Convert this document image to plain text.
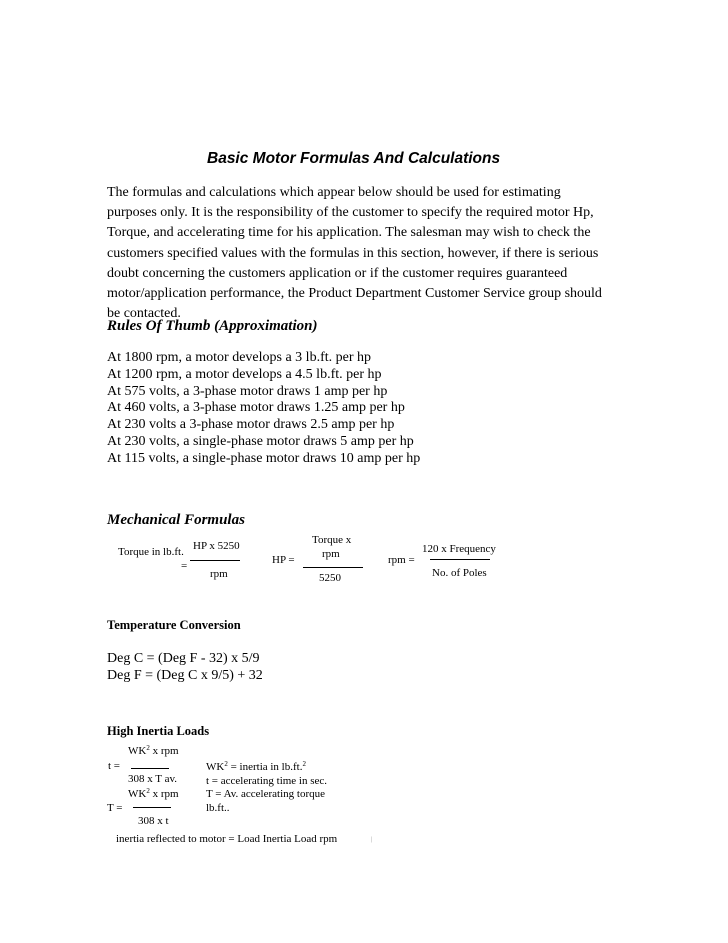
Basic Motor Formulas And Calculations
The formulas and calculations which appear below should be used for estimating
purposes only. It is the responsibility of the customer to specify the required motor Hp,
Torque, and accelerating time for his application. The salesman may wish to check the
customers specified values with the formulas in this section, however, if there is serious
doubt concerning the customers application or if the customer requires guaranteed
motor/application performance, the Product Department Customer Service group should
be contacted.
Rules Of Thumb (Approximation)
At 1800 rpm, a motor develops a 3 lb.ft. per hp
At 1200 rpm, a motor develops a 4.5 lb.ft. per hp
At 575 volts, a 3-phase motor draws 1 amp per hp
At 460 volts, a 3-phase motor draws 1.25 amp per hp
At 230 volts a 3-phase motor draws 2.5 amp per hp
At 230 volts, a single-phase motor draws 5 amp per hp
At 115 volts, a single-phase motor draws 10 amp per hp
Mechanical Formulas
Torque in lb.ft.
=
HP x 5250
rpm
HP =
Torque x
rpm
5250
rpm =
120 x Frequency
No. of Poles
Temperature Conversion
Deg C = (Deg F - 32) x 5/9
Deg F = (Deg C x 9/5) + 32
High Inertia Loads
$WK^2$ x rpm
t =
308 x T av.
$WK^2$ x rpm
T =
308 x t
$WK^2$ = inertia in lb.ft.$^2$
t = accelerating time in sec.
T = Av. accelerating torque
lb.ft..
inertia reflected to motor = Load Inertia Load rpm	|
